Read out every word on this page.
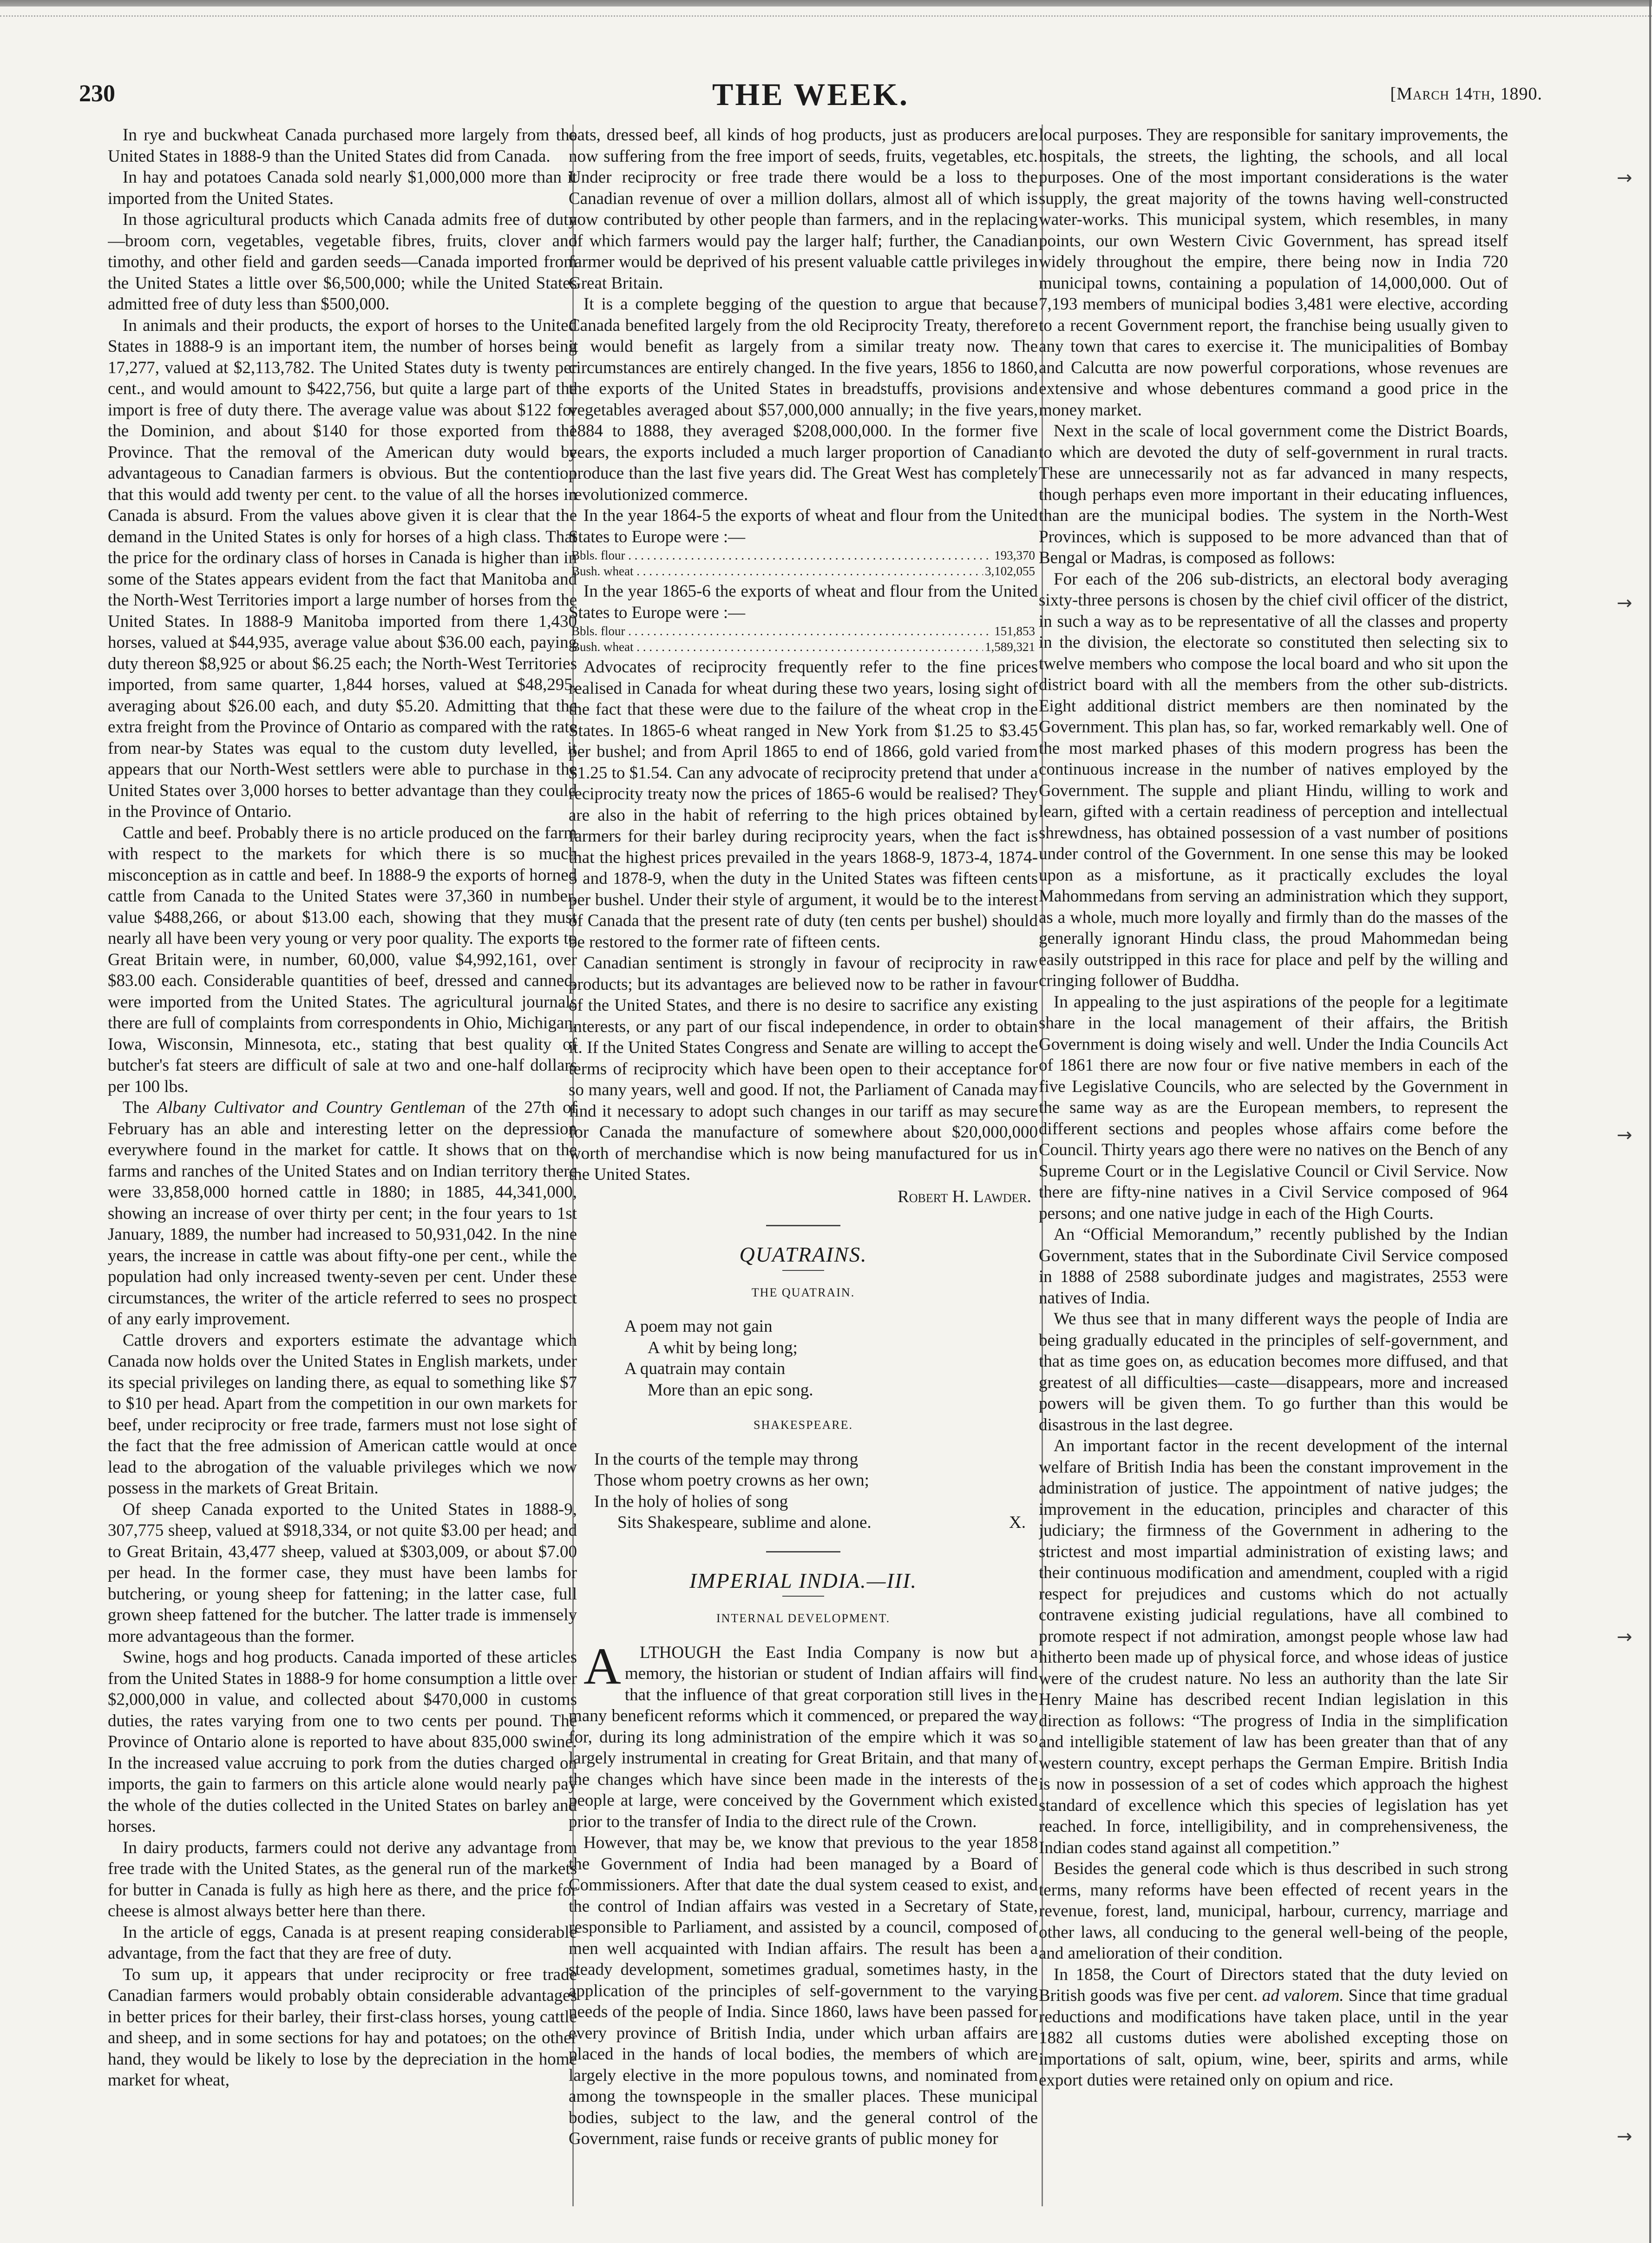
→
→
→
→
→
230	THE WEEK.	[March 14th, 1890.

In rye and buckwheat Canada purchased more largely from the United States in 1888-9 than the United States did from Canada.

In hay and potatoes Canada sold nearly $1,000,000 more than it imported from the United States.

In those agricultural products which Canada admits free of duty—broom corn, vegetables, vegetable fibres, fruits, clover and timothy, and other field and garden seeds—Canada imported from the United States a little over $6,500,000; while the United States admitted free of duty less than $500,000.

In animals and their products, the export of horses to the United States in 1888-9 is an important item, the number of horses being 17,277, valued at $2,113,782. The United States duty is twenty per cent., and would amount to $422,756, but quite a large part of the import is free of duty there. The average value was about $122 for the Dominion, and about $140 for those exported from the Province. That the removal of the American duty would be advantageous to Canadian farmers is obvious. But the contention that this would add twenty per cent. to the value of all the horses in Canada is absurd. From the values above given it is clear that the demand in the United States is only for horses of a high class. That the price for the ordinary class of horses in Canada is higher than in some of the States appears evident from the fact that Manitoba and the North-West Territories import a large number of horses from the United States. In 1888-9 Manitoba imported from there 1,430 horses, valued at $44,935, average value about $36.00 each, paying duty thereon $8,925 or about $6.25 each; the North-West Territories imported, from same quarter, 1,844 horses, valued at $48,295, averaging about $26.00 each, and duty $5.20. Admitting that the extra freight from the Province of Ontario as compared with the rate from near-by States was equal to the custom duty levelled, it appears that our North-West settlers were able to purchase in the United States over 3,000 horses to better advantage than they could in the Province of Ontario.

Cattle and beef. Probably there is no article produced on the farm with respect to the markets for which there is so much misconception as in cattle and beef. In 1888-9 the exports of horned cattle from Canada to the United States were 37,360 in number, value $488,266, or about $13.00 each, showing that they must nearly all have been very young or very poor quality. The exports to Great Britain were, in number, 60,000, value $4,992,161, over $83.00 each. Considerable quantities of beef, dressed and canned, were imported from the United States. The agricultural journals there are full of complaints from correspondents in Ohio, Michigan, Iowa, Wisconsin, Minnesota, etc., stating that best quality of butcher's fat steers are difficult of sale at two and one-half dollars per 100 lbs.

The Albany Cultivator and Country Gentleman of the 27th of February has an able and interesting letter on the depression everywhere found in the market for cattle. It shows that on the farms and ranches of the United States and on Indian territory there were 33,858,000 horned cattle in 1880; in 1885, 44,341,000, showing an increase of over thirty per cent; in the four years to 1st January, 1889, the number had increased to 50,931,042. In the nine years, the increase in cattle was about fifty-one per cent., while the population had only increased twenty-seven per cent. Under these circumstances, the writer of the article referred to sees no prospect of any early improvement.

Cattle drovers and exporters estimate the advantage which Canada now holds over the United States in English markets, under its special privileges on landing there, as equal to something like $7 to $10 per head. Apart from the competition in our own markets for beef, under reciprocity or free trade, farmers must not lose sight of the fact that the free admission of American cattle would at once lead to the abrogation of the valuable privileges which we now possess in the markets of Great Britain.

Of sheep Canada exported to the United States in 1888-9, 307,775 sheep, valued at $918,334, or not quite $3.00 per head; and to Great Britain, 43,477 sheep, valued at $303,009, or about $7.00 per head. In the former case, they must have been lambs for butchering, or young sheep for fattening; in the latter case, full grown sheep fattened for the butcher. The latter trade is immensely more advantageous than the former.

Swine, hogs and hog products. Canada imported of these articles from the United States in 1888-9 for home consumption a little over $2,000,000 in value, and collected about $470,000 in customs duties, the rates varying from one to two cents per pound. The Province of Ontario alone is reported to have about 835,000 swine. In the increased value accruing to pork from the duties charged on imports, the gain to farmers on this article alone would nearly pay the whole of the duties collected in the United States on barley and horses.

In dairy products, farmers could not derive any advantage from free trade with the United States, as the general run of the markets for butter in Canada is fully as high here as there, and the price for cheese is almost always better here than there.

In the article of eggs, Canada is at present reaping considerable advantage, from the fact that they are free of duty.

To sum up, it appears that under reciprocity or free trade Canadian farmers would probably obtain considerable advantages in better prices for their barley, their first-class horses, young cattle and sheep, and in some sections for hay and potatoes; on the other hand, they would be likely to lose by the depreciation in the home market for wheat,

oats, dressed beef, all kinds of hog products, just as producers are now suffering from the free import of seeds, fruits, vegetables, etc. Under reciprocity or free trade there would be a loss to the Canadian revenue of over a million dollars, almost all of which is now contributed by other people than farmers, and in the replacing of which farmers would pay the larger half; further, the Canadian farmer would be deprived of his present valuable cattle privileges in Great Britain.

It is a complete begging of the question to argue that because Canada benefited largely from the old Reciprocity Treaty, therefore it would benefit as largely from a similar treaty now. The circumstances are entirely changed. In the five years, 1856 to 1860, the exports of the United States in breadstuffs, provisions and vegetables averaged about $57,000,000 annually; in the five years, 1884 to 1888, they averaged $208,000,000. In the former five years, the exports included a much larger proportion of Canadian produce than the last five years did. The Great West has completely revolutionized commerce.

In the year 1864-5 the exports of wheat and flour from the United States to Europe were :—

Bbls. flour . . .	193,370
Bush. wheat . . .	3,102,055

In the year 1865-6 the exports of wheat and flour from the United States to Europe were :—

Bbls. flour . . .	151,853
Bush. wheat . . .	1,589,321

Advocates of reciprocity frequently refer to the fine prices realised in Canada for wheat during these two years, losing sight of the fact that these were due to the failure of the wheat crop in the States. In 1865-6 wheat ranged in New York from $1.25 to $3.45 per bushel; and from April 1865 to end of 1866, gold varied from $1.25 to $1.54. Can any advocate of reciprocity pretend that under a reciprocity treaty now the prices of 1865-6 would be realised? They are also in the habit of referring to the high prices obtained by farmers for their barley during reciprocity years, when the fact is that the highest prices prevailed in the years 1868-9, 1873-4, 1874-5 and 1878-9, when the duty in the United States was fifteen cents per bushel. Under their style of argument, it would be to the interest of Canada that the present rate of duty (ten cents per bushel) should be restored to the former rate of fifteen cents.

Canadian sentiment is strongly in favour of reciprocity in raw products; but its advantages are believed now to be rather in favour of the United States, and there is no desire to sacrifice any existing interests, or any part of our fiscal independence, in order to obtain it. If the United States Congress and Senate are willing to accept the terms of reciprocity which have been open to their acceptance for so many years, well and good. If not, the Parliament of Canada may find it necessary to adopt such changes in our tariff as may secure for Canada the manufacture of somewhere about $20,000,000 worth of merchandise which is now being manufactured for us in the United States.

Robert H. Lawder.
QUATRAINS.
THE QUATRAIN.
A poem may not gain
A whit by being long;
A quatrain may contain
More than an epic song.
SHAKESPEARE.
In the courts of the temple may throng
Those whom poetry crowns as her own;
In the holy of holies of song
Sits Shakespeare, sublime and alone.	X.
IMPERIAL INDIA.—III.
INTERNAL DEVELOPMENT.

A LTHOUGH the East India Company is now but a memory, the historian or student of Indian affairs will find that the influence of that great corporation still lives in the many beneficent reforms which it commenced, or prepared the way for, during its long administration of the empire which it was so largely instrumental in creating for Great Britain, and that many of the changes which have since been made in the interests of the people at large, were conceived by the Government which existed prior to the transfer of India to the direct rule of the Crown.

However, that may be, we know that previous to the year 1858 the Government of India had been managed by a Board of Commissioners. After that date the dual system ceased to exist, and the control of Indian affairs was vested in a Secretary of State, responsible to Parliament, and assisted by a council, composed of men well acquainted with Indian affairs. The result has been a steady development, sometimes gradual, sometimes hasty, in the application of the principles of self-government to the varying needs of the people of India. Since 1860, laws have been passed for every province of British India, under which urban affairs are placed in the hands of local bodies, the members of which are largely elective in the more populous towns, and nominated from among the townspeople in the smaller places. These municipal bodies, subject to the law, and the general control of the Government, raise funds or receive grants of public money for

local purposes. They are responsible for sanitary improvements, the hospitals, the streets, the lighting, the schools, and all local purposes. One of the most important considerations is the water supply, the great majority of the towns having well-constructed water-works. This municipal system, which resembles, in many points, our own Western Civic Government, has spread itself widely throughout the empire, there being now in India 720 municipal towns, containing a population of 14,000,000. Out of 7,193 members of municipal bodies 3,481 were elective, according to a recent Government report, the franchise being usually given to any town that cares to exercise it. The municipalities of Bombay and Calcutta are now powerful corporations, whose revenues are extensive and whose debentures command a good price in the money market.

Next in the scale of local government come the District Boards, to which are devoted the duty of self-government in rural tracts. These are unnecessarily not as far advanced in many respects, though perhaps even more important in their educating influences, than are the municipal bodies. The system in the North-West Provinces, which is supposed to be more advanced than that of Bengal or Madras, is composed as follows:

For each of the 206 sub-districts, an electoral body averaging sixty-three persons is chosen by the chief civil officer of the district, in such a way as to be representative of all the classes and property in the division, the electorate so constituted then selecting six to twelve members who compose the local board and who sit upon the district board with all the members from the other sub-districts. Eight additional district members are then nominated by the Government. This plan has, so far, worked remarkably well. One of the most marked phases of this modern progress has been the continuous increase in the number of natives employed by the Government. The supple and pliant Hindu, willing to work and learn, gifted with a certain readiness of perception and intellectual shrewdness, has obtained possession of a vast number of positions under control of the Government. In one sense this may be looked upon as a misfortune, as it practically excludes the loyal Mahommedans from serving an administration which they support, as a whole, much more loyally and firmly than do the masses of the generally ignorant Hindu class, the proud Mahommedan being easily outstripped in this race for place and pelf by the willing and cringing follower of Buddha.

In appealing to the just aspirations of the people for a legitimate share in the local management of their affairs, the British Government is doing wisely and well. Under the India Councils Act of 1861 there are now four or five native members in each of the five Legislative Councils, who are selected by the Government in the same way as are the European members, to represent the different sections and peoples whose affairs come before the Council. Thirty years ago there were no natives on the Bench of any Supreme Court or in the Legislative Council or Civil Service. Now there are fifty-nine natives in a Civil Service composed of 964 persons; and one native judge in each of the High Courts.

An “Official Memorandum,” recently published by the Indian Government, states that in the Subordinate Civil Service composed in 1888 of 2588 subordinate judges and magistrates, 2553 were natives of India.

We thus see that in many different ways the people of India are being gradually educated in the principles of self-government, and that as time goes on, as education becomes more diffused, and that greatest of all difficulties—caste—disappears, more and increased powers will be given them. To go further than this would be disastrous in the last degree.

An important factor in the recent development of the internal welfare of British India has been the constant improvement in the administration of justice. The appointment of native judges; the improvement in the education, principles and character of this judiciary; the firmness of the Government in adhering to the strictest and most impartial administration of existing laws; and their continuous modification and amendment, coupled with a rigid respect for prejudices and customs which do not actually contravene existing judicial regulations, have all combined to promote respect if not admiration, amongst people whose law had hitherto been made up of physical force, and whose ideas of justice were of the crudest nature. No less an authority than the late Sir Henry Maine has described recent Indian legislation in this direction as follows: “The progress of India in the simplification and intelligible statement of law has been greater than that of any western country, except perhaps the German Empire. British India is now in possession of a set of codes which approach the highest standard of excellence which this species of legislation has yet reached. In force, intelligibility, and in comprehensiveness, the Indian codes stand against all competition.”

Besides the general code which is thus described in such strong terms, many reforms have been effected of recent years in the revenue, forest, land, municipal, harbour, currency, marriage and other laws, all conducing to the general well-being of the people, and amelioration of their condition.

In 1858, the Court of Directors stated that the duty levied on British goods was five per cent. ad valorem. Since that time gradual reductions and modifications have taken place, until in the year 1882 all customs duties were abolished excepting those on importations of salt, opium, wine, beer, spirits and arms, while export duties were retained only on opium and rice.
